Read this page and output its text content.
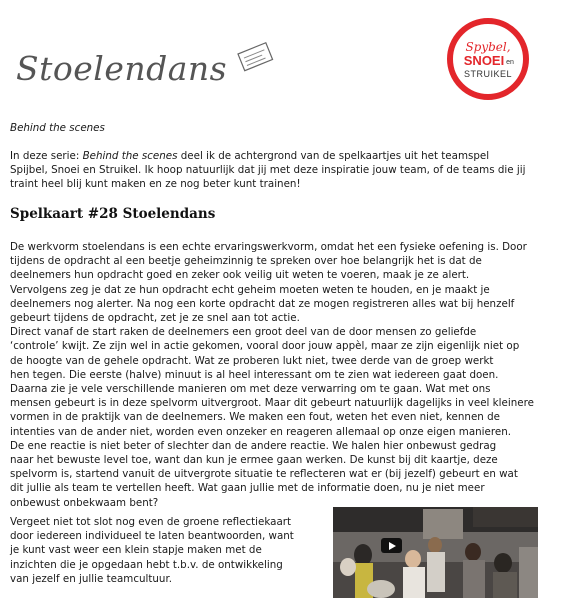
Stoelendans
Spybel,
SNOEI en
STRUIKEL

Behind the scenes

In deze serie: Behind the scenes deel ik de achtergrond van de spelkaartjes uit het teamspel
Spijbel, Snoei en Struikel. Ik hoop natuurlijk dat jij met deze inspiratie jouw team, of de teams die jij
traint heel blij kunt maken en ze nog beter kunt trainen!

Spelkaart #28 Stoelendans

De werkvorm stoelendans is een echte ervaringswerkvorm, omdat het een fysieke oefening is. Door
tijdens de opdracht al een beetje geheimzinnig te spreken over hoe belangrijk het is dat de
deelnemers hun opdracht goed en zeker ook veilig uit weten te voeren, maak je ze alert.
Vervolgens zeg je dat ze hun opdracht echt geheim moeten weten te houden, en je maakt je
deelnemers nog alerter. Na nog een korte opdracht dat ze mogen registreren alles wat bij henzelf
gebeurt tijdens de opdracht, zet je ze snel aan tot actie.
Direct vanaf de start raken de deelnemers een groot deel van de door mensen zo geliefde
‘controle’ kwijt. Ze zijn wel in actie gekomen, vooral door jouw appèl, maar ze zijn eigenlijk niet op
de hoogte van de gehele opdracht. Wat ze proberen lukt niet, twee derde van de groep werkt
hen tegen. Die eerste (halve) minuut is al heel interessant om te zien wat iedereen gaat doen.
Daarna zie je vele verschillende manieren om met deze verwarring om te gaan. Wat met ons
mensen gebeurt is in deze spelvorm uitvergroot. Maar dit gebeurt natuurlijk dagelijks in veel kleinere
vormen in de praktijk van de deelnemers. We maken een fout, weten het even niet, kennen de
intenties van de ander niet, worden even onzeker en reageren allemaal op onze eigen manieren.
De ene reactie is niet beter of slechter dan de andere reactie. We halen hier onbewust gedrag
naar het bewuste level toe, want dan kun je ermee gaan werken. De kunst bij dit kaartje, deze
spelvorm is, startend vanuit de uitvergrote situatie te reflecteren wat er (bij jezelf) gebeurt en wat
dit jullie als team te vertellen heeft. Wat gaan jullie met de informatie doen, nu je niet meer
onbewust onbekwaam bent?

Vergeet niet tot slot nog even de groene reflectiekaart
door iedereen individueel te laten beantwoorden, want
je kunt vast weer een klein stapje maken met de
inzichten die je opgedaan hebt t.b.v. de ontwikkeling
van jezelf en jullie teamcultuur.
